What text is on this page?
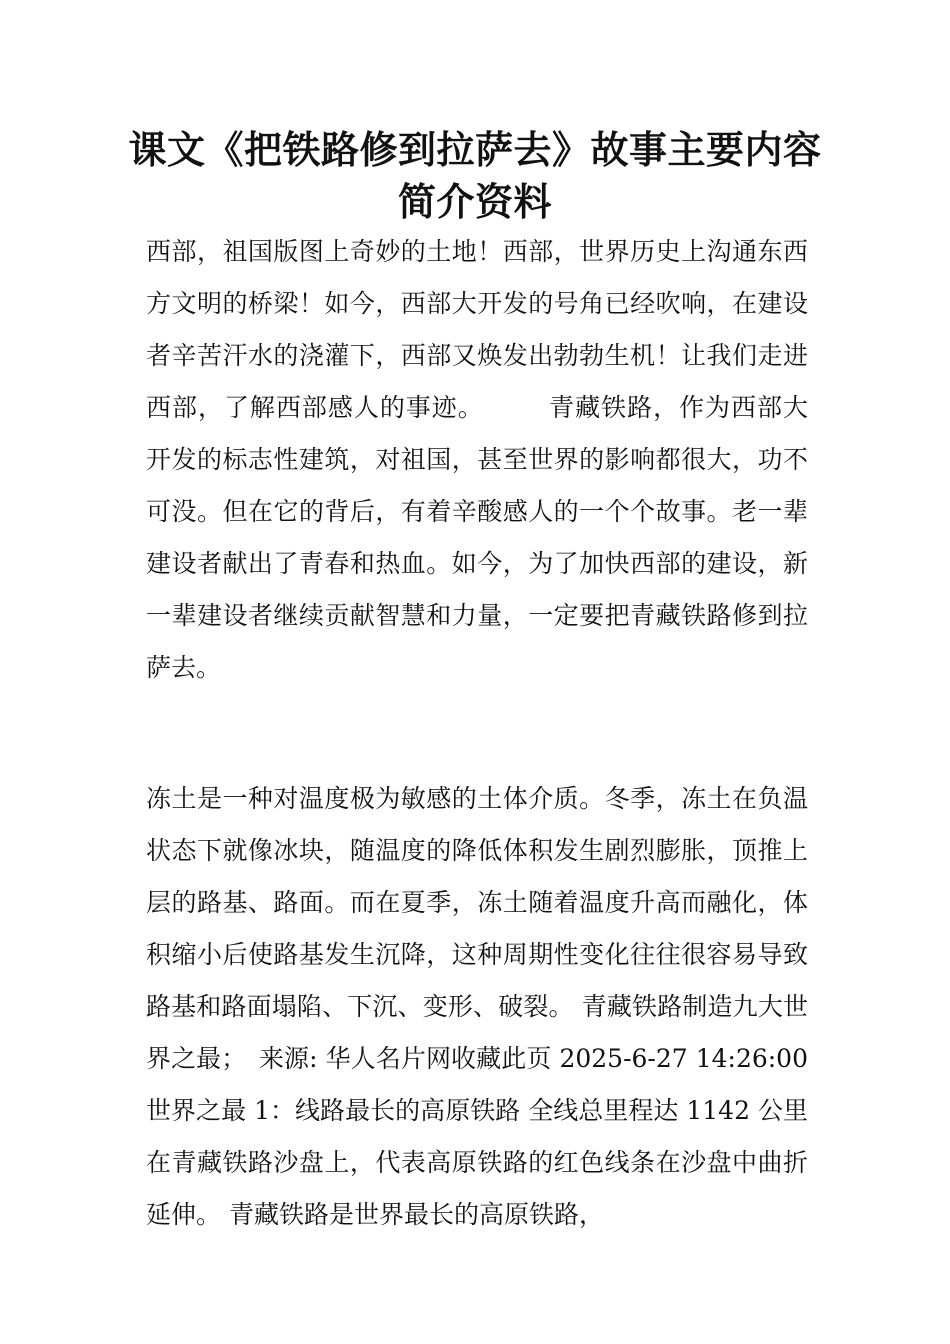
课文《把铁路修到拉萨去》故事主要内容简介资料

西部，祖国版图上奇妙的土地！西部，世界历史上沟通东西方文明的桥梁！如今，西部大开发的号角已经吹响，在建设者辛苦汗水的浇灌下，西部又焕发出勃勃生机！让我们走进西部，了解西部感人的事迹。　　　青藏铁路，作为西部大开发的标志性建筑，对祖国，甚至世界的影响都很大，功不可没。但在它的背后，有着辛酸感人的一个个故事。老一辈建设者献出了青春和热血。如今，为了加快西部的建设，新一辈建设者继续贡献智慧和力量，一定要把青藏铁路修到拉萨去。

冻土是一种对温度极为敏感的土体介质。冬季，冻土在负温状态下就像冰块，随温度的降低体积发生剧烈膨胀，顶推上层的路基、路面。而在夏季，冻土随着温度升高而融化，体积缩小后使路基发生沉降，这种周期性变化往往很容易导致路基和路面塌陷、下沉、变形、破裂。 青藏铁路制造九大世界之最；　来源: 华人名片网收藏此页 2025-6-27 14:26:00 世界之最 1：线路最长的高原铁路 全线总里程达 1142 公里 在青藏铁路沙盘上，代表高原铁路的红色线条在沙盘中曲折延伸。 青藏铁路是世界最长的高原铁路，
